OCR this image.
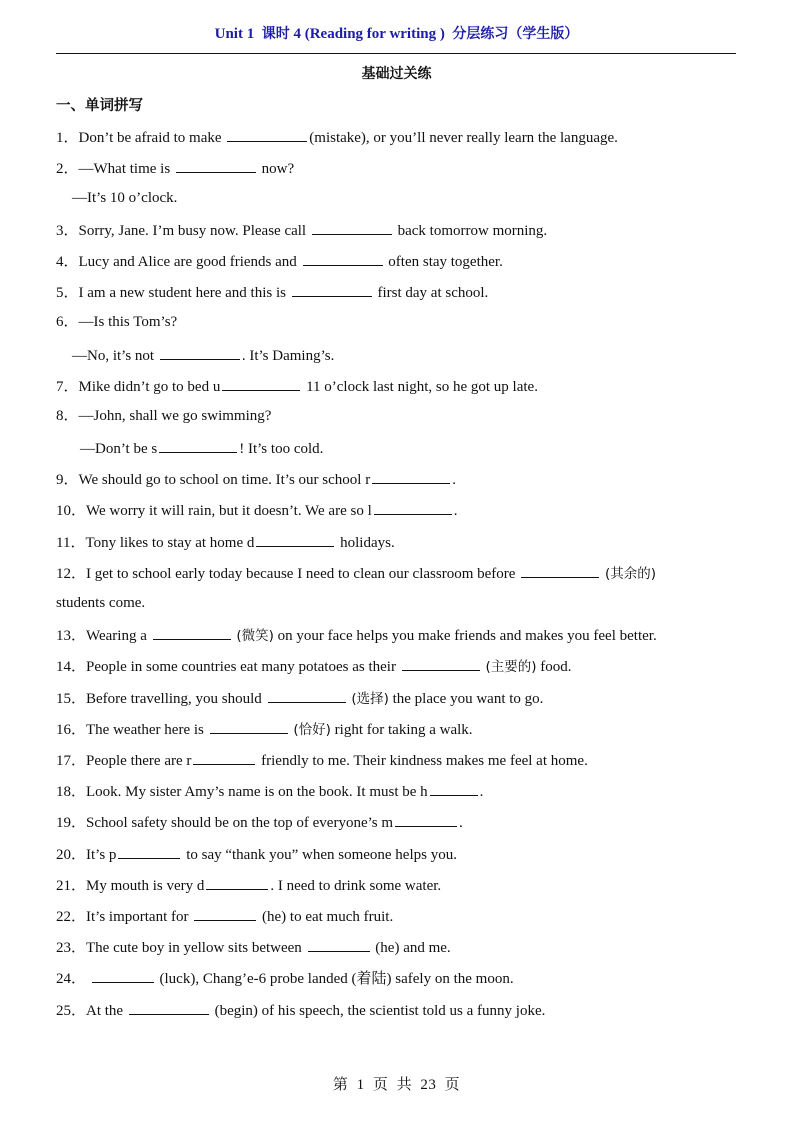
Unit 1 课时 4 (Reading for writing ) 分层练习（学生版）
基础过关练
一、单词拼写
1．Don’t be afraid to make	(mistake), or you’ll never really learn the language.
2．—What time is	now?
—It’s 10 o’clock.
3．Sorry, Jane. I’m busy now. Please call	back tomorrow morning.
4．Lucy and Alice are good friends and	often stay together.
5．I am a new student here and this is	first day at school.
6．—Is this Tom’s?
—No, it’s not	. It’s Daming’s.
7．Mike didn’t go to bed u	11 o’clock last night, so he got up late.
8．—John, shall we go swimming?
—Don’t be s	! It’s too cold.
9．We should go to school on time. It’s our school r	.
10．We worry it will rain, but it doesn’t. We are so l	.
11．Tony likes to stay at home d	holidays.
12．I get to school early today because I need to clean our classroom before	(其余的)
students come.
13．Wearing a	(微笑) on your face helps you make friends and makes you feel better.
14．People in some countries eat many potatoes as their	(主要的) food.
15．Before travelling, you should	(选择) the place you want to go.
16．The weather here is	(恰好) right for taking a walk.
17．People there are r	friendly to me. Their kindness makes me feel at home.
18．Look. My sister Amy’s name is on the book. It must be h	.
19．School safety should be on the top of everyone’s m	.
20．It’s p	to say “thank you” when someone helps you.
21．My mouth is very d	. I need to drink some water.
22．It’s important for	(he) to eat much fruit.
23．The cute boy in yellow sits between	(he) and me.
24．	(luck), Chang’e-6 probe landed (着陆) safely on the moon.
25．At the	(begin) of his speech, the scientist told us a funny joke.
第 1 页 共 23 页
